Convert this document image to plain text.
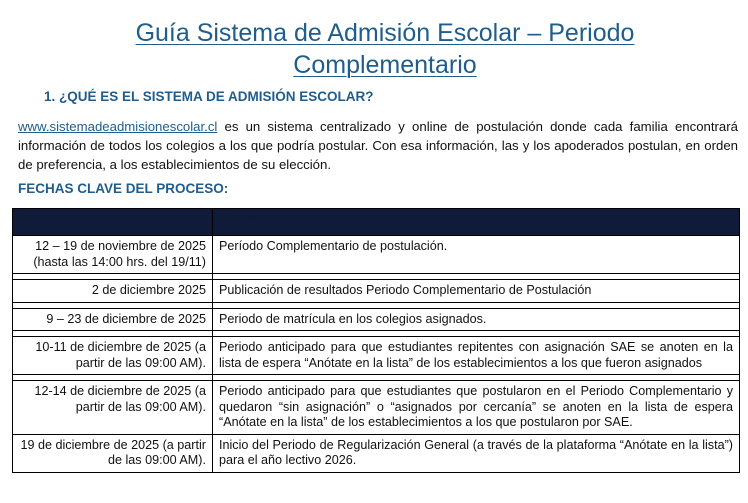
Guía Sistema de Admisión Escolar – Periodo Complementario
1. ¿QUÉ ES EL SISTEMA DE ADMISIÓN ESCOLAR?

www.sistemadeadmisionescolar.cl es un sistema centralizado y online de postulación donde cada familia encontrará información de todos los colegios a los que podría postular. Con esa información, las y los apoderados postulan, en orden de preferencia, a los establecimientos de su elección.

FECHAS CLAVE DEL PROCESO:
Fechas	Evento
12 – 19 de noviembre de 2025 (hasta las 14:00 hrs. del 19/11)	Período Complementario de postulación.

2 de diciembre 2025	Publicación de resultados Periodo Complementario de Postulación

9 – 23 de diciembre de 2025	Periodo de matrícula en los colegios asignados.

10-11 de diciembre de 2025 (a partir de las 09:00 AM).	Periodo anticipado para que estudiantes repitentes con asignación SAE se anoten en la lista de espera “Anótate en la lista” de los establecimientos a los que fueron asignados

12-14 de diciembre de 2025 (a partir de las 09:00 AM).	Periodo anticipado para que estudiantes que postularon en el Periodo Complementario y quedaron “sin asignación” o “asignados por cercanía” se anoten en la lista de espera “Anótate en la lista” de los establecimientos a los que postularon por SAE.
19 de diciembre de 2025 (a partir de las 09:00 AM).	Inicio del Periodo de Regularización General (a través de la plataforma “Anótate en la lista”) para el año lectivo 2026.
